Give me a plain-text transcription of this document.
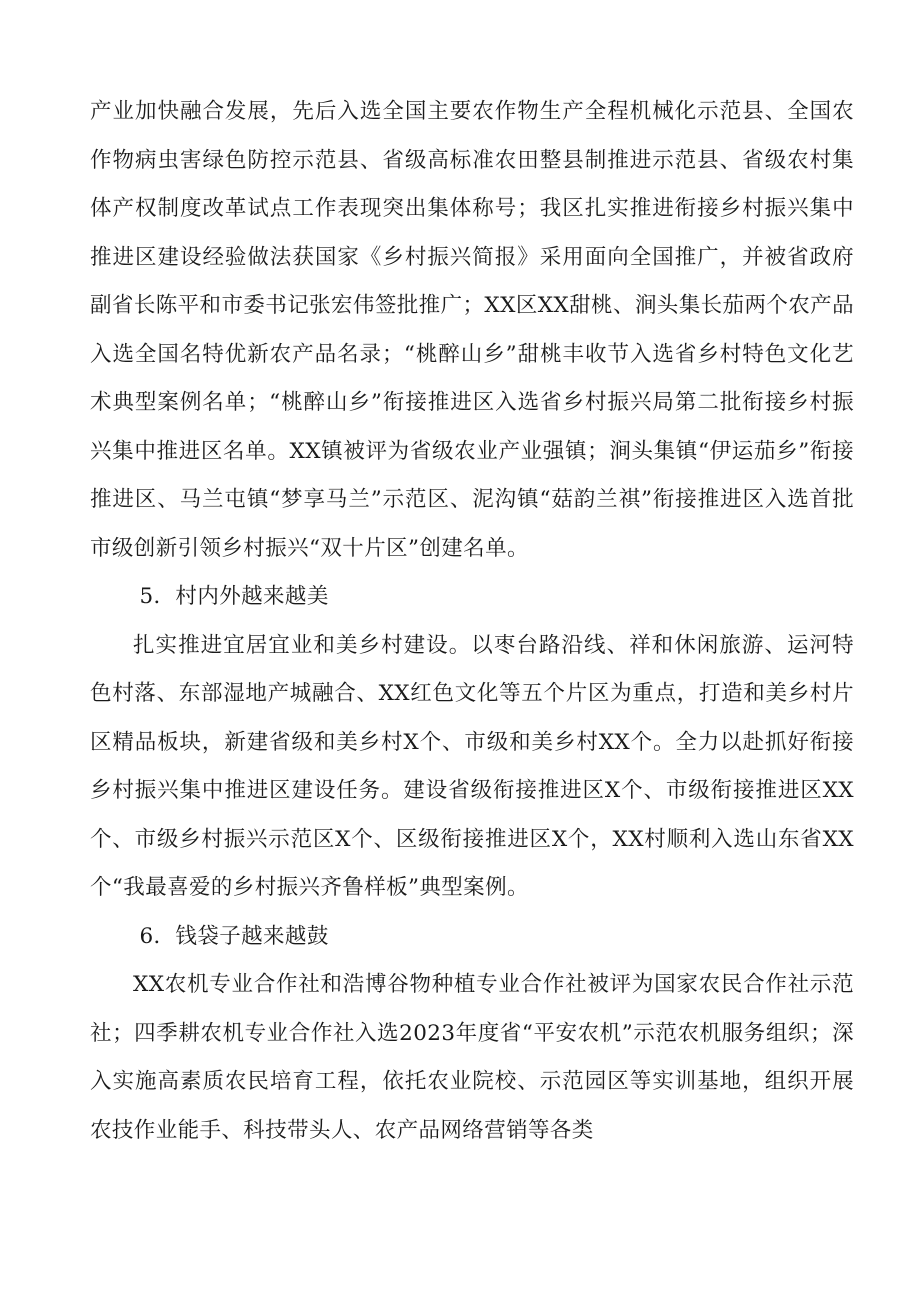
产业加快融合发展，先后入选全国主要农作物生产全程机械化示范县、全国农作物病虫害绿色防控示范县、省级高标准农田整县制推进示范县、省级农村集体产权制度改革试点工作表现突出集体称号；我区扎实推进衔接乡村振兴集中推进区建设经验做法获国家《乡村振兴简报》采用面向全国推广，并被省政府副省长陈平和市委书记张宏伟签批推广；XX区XX甜桃、涧头集长茄两个农产品入选全国名特优新农产品名录；“桃醉山乡”甜桃丰收节入选省乡村特色文化艺术典型案例名单；“桃醉山乡”衔接推进区入选省乡村振兴局第二批衔接乡村振兴集中推进区名单。XX镇被评为省级农业产业强镇；涧头集镇“伊运茄乡”衔接推进区、马兰屯镇“梦享马兰”示范区、泥沟镇“菇韵兰祺”衔接推进区入选首批市级创新引领乡村振兴“双十片区”创建名单。

5．村内外越来越美

扎实推进宜居宜业和美乡村建设。以枣台路沿线、祥和休闲旅游、运河特色村落、东部湿地产城融合、XX红色文化等五个片区为重点，打造和美乡村片区精品板块，新建省级和美乡村X个、市级和美乡村XX个。全力以赴抓好衔接乡村振兴集中推进区建设任务。建设省级衔接推进区X个、市级衔接推进区XX个、市级乡村振兴示范区X个、区级衔接推进区X个，XX村顺利入选山东省XX个“我最喜爱的乡村振兴齐鲁样板”典型案例。

6．钱袋子越来越鼓

XX农机专业合作社和浩博谷物种植专业合作社被评为国家农民合作社示范社；四季耕农机专业合作社入选2023年度省“平安农机”示范农机服务组织；深入实施高素质农民培育工程，依托农业院校、示范园区等实训基地，组织开展农技作业能手、科技带头人、农产品网络营销等各类
